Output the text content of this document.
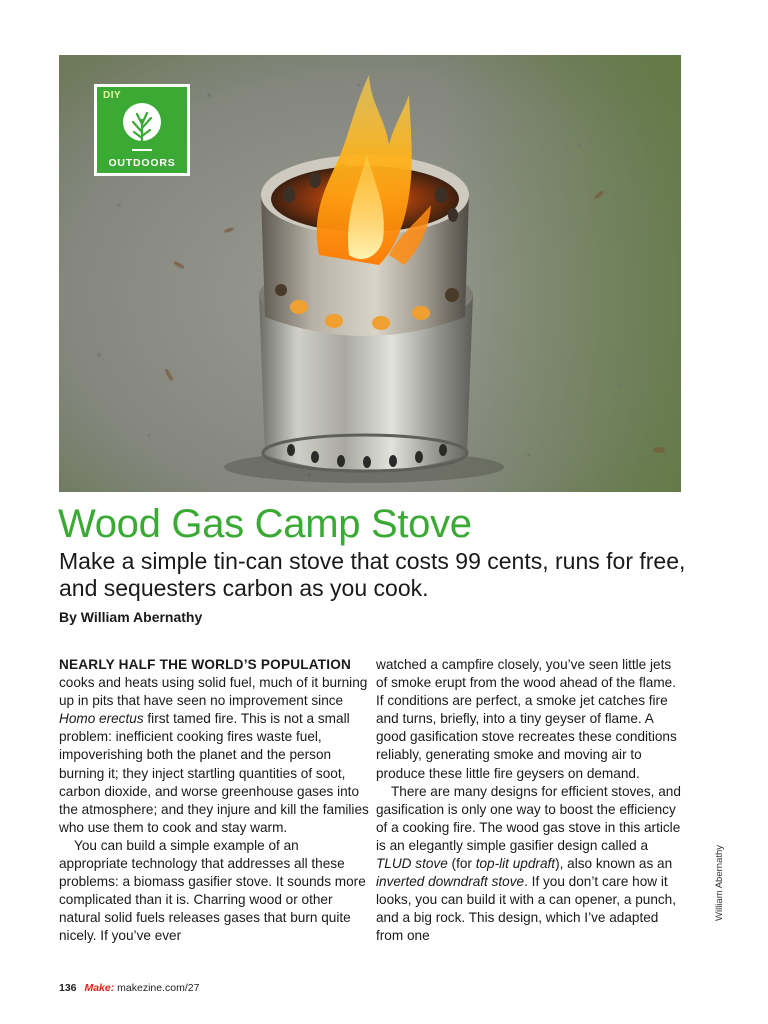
DIY
OUTDOORS
Wood Gas Camp Stove
Make a simple tin-can stove that costs 99 cents, runs for free, and sequesters carbon as you cook.
By William Abernathy

NEARLY HALF THE WORLD’S POPULATION cooks and heats using solid fuel, much of it burning up in pits that have seen no improvement since Homo erectus first tamed fire. This is not a small problem: inefficient cooking fires waste fuel, impoverishing both the planet and the person burning it; they inject startling quantities of soot, carbon dioxide, and worse greenhouse gases into the atmosphere; and they injure and kill the families who use them to cook and stay warm.

You can build a simple example of an appropriate technology that addresses all these problems: a biomass gasifier stove. It sounds more complicated than it is. Charring wood or other natural solid fuels releases gases that burn quite nicely. If you’ve ever

watched a campfire closely, you’ve seen little jets of smoke erupt from the wood ahead of the flame. If conditions are perfect, a smoke jet catches fire and turns, briefly, into a tiny geyser of flame. A good gasification stove recreates these conditions reliably, generating smoke and moving air to produce these little fire geysers on demand.

There are many designs for efficient stoves, and gasification is only one way to boost the efficiency of a cooking fire. The wood gas stove in this article is an elegantly simple gasifier design called a TLUD stove (for top-lit updraft), also known as an inverted downdraft stove. If you don’t care how it looks, you can build it with a can opener, a punch, and a big rock. This design, which I’ve adapted from one

William Abernathy
136 Make: makezine.com/27
